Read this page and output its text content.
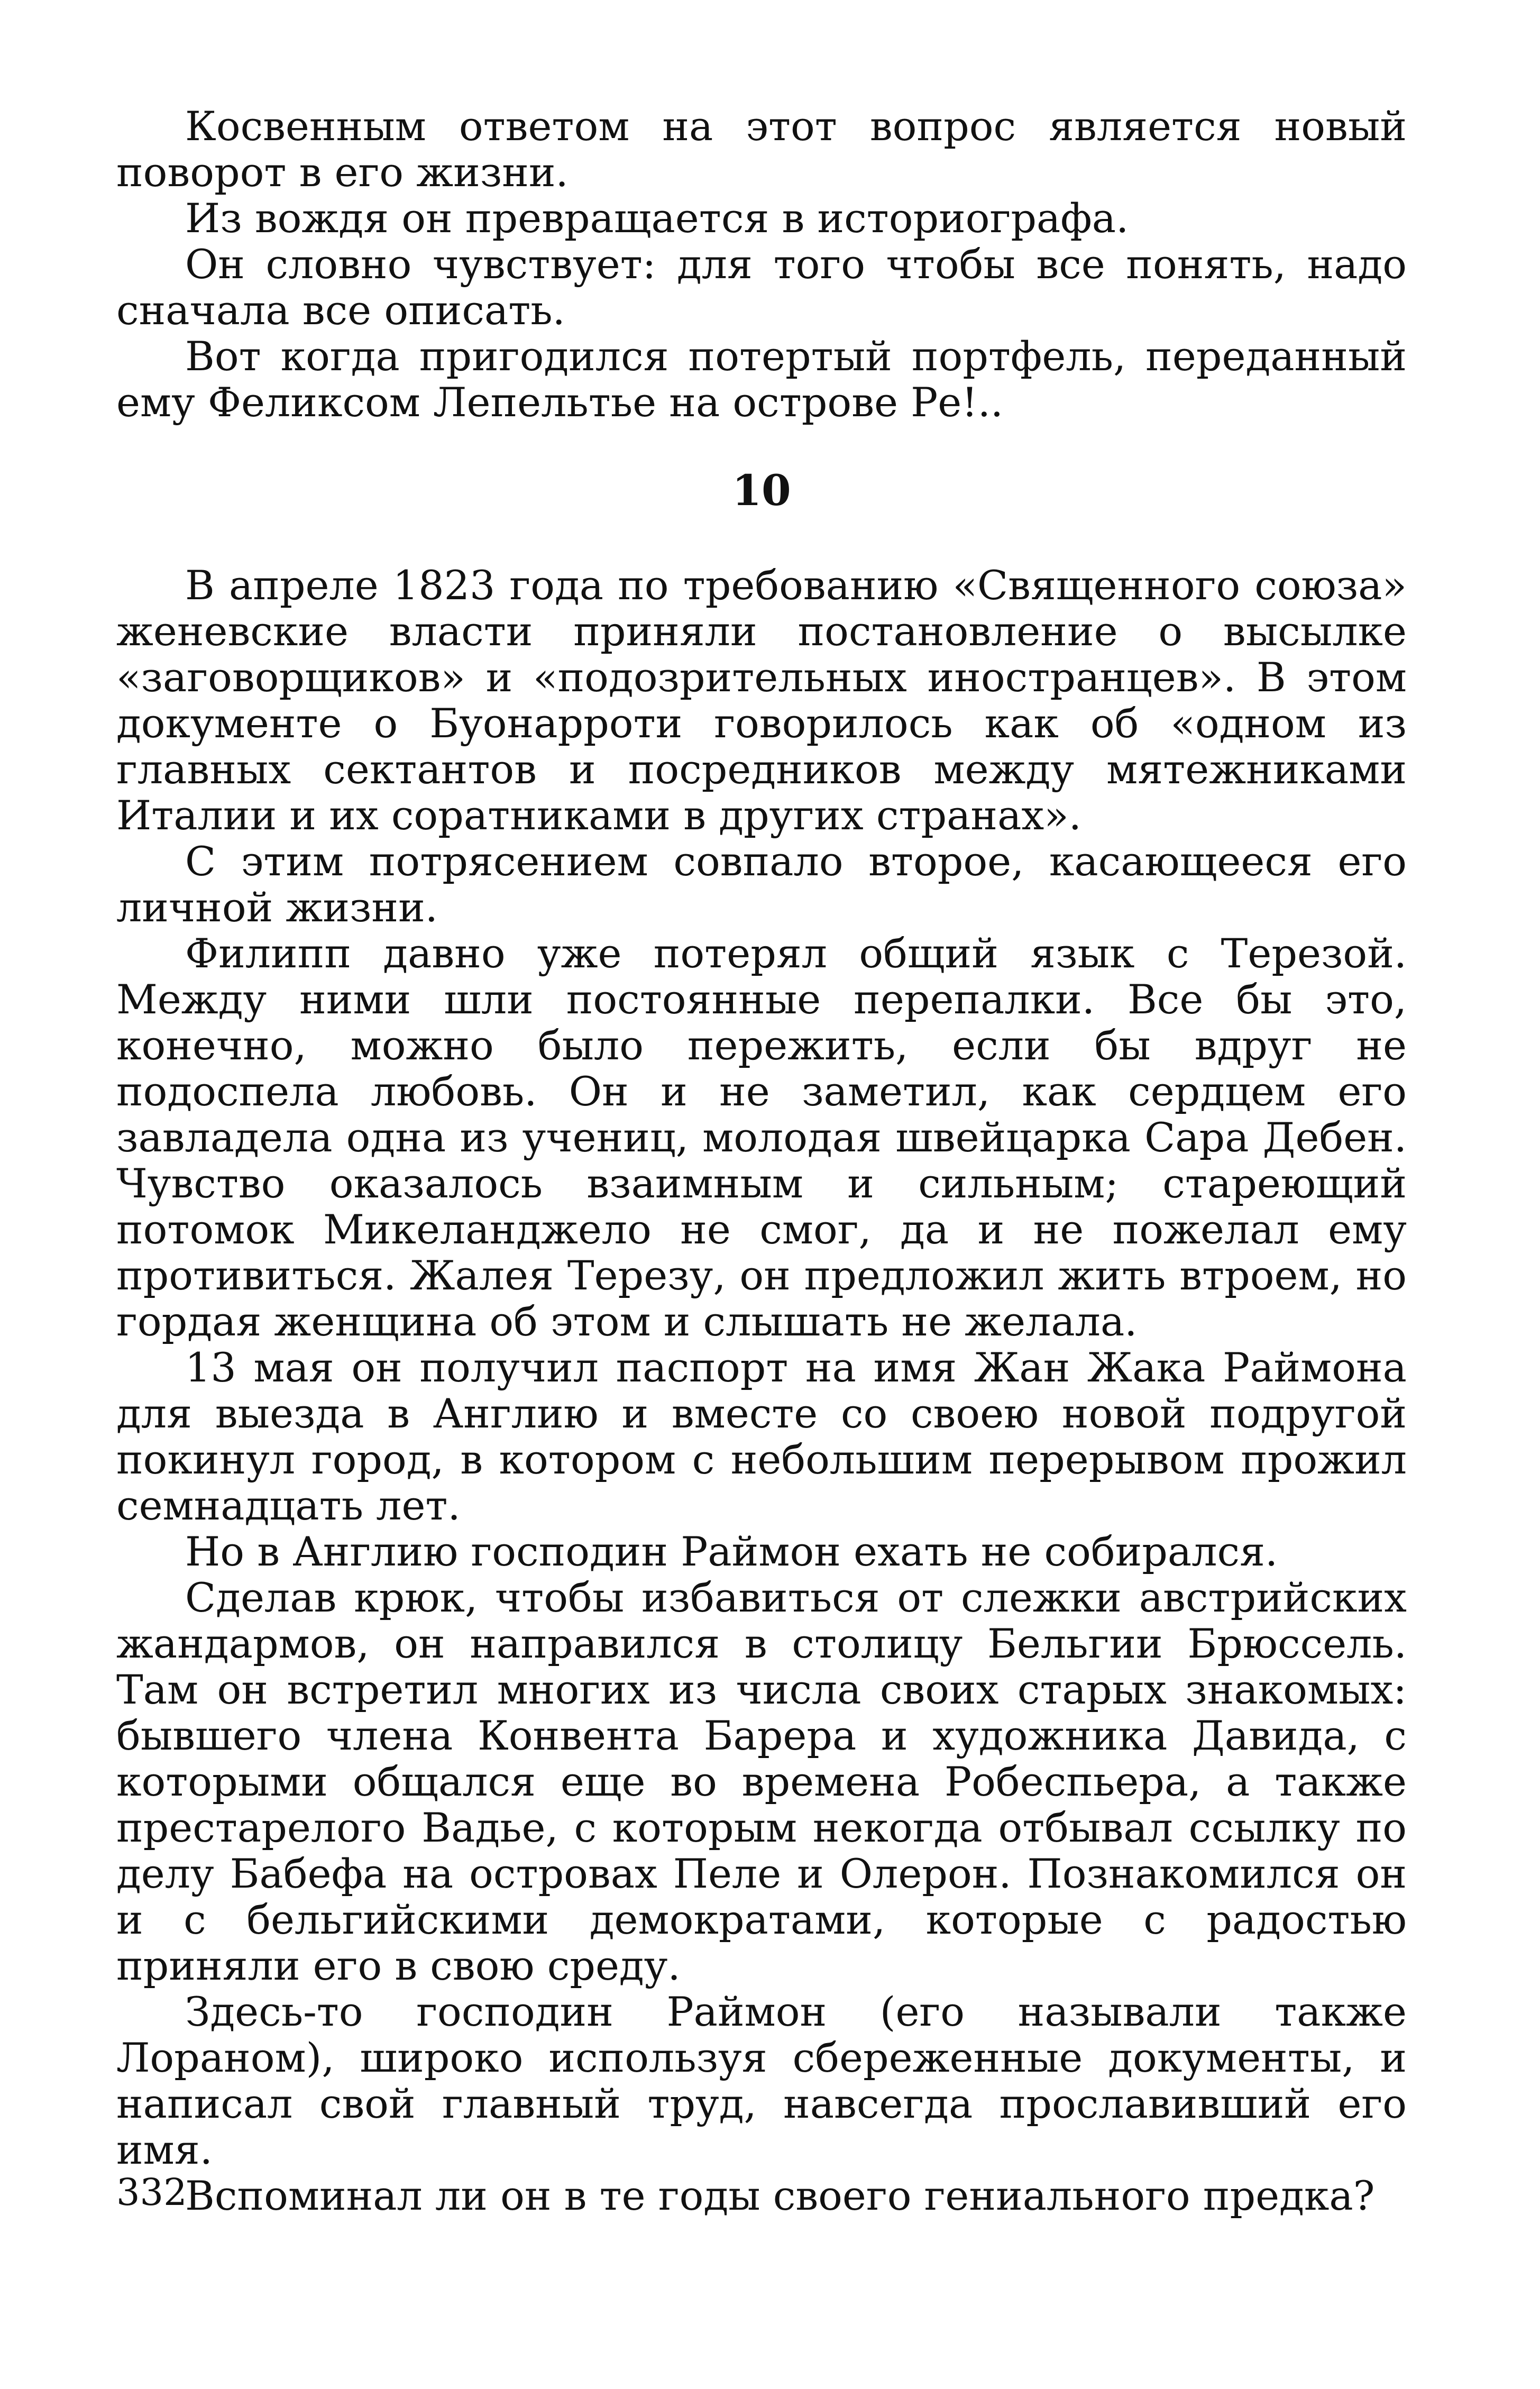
Косвенным ответом на этот вопрос является новый поворот в его жизни.

Из вождя он превращается в историографа.

Он словно чувствует: для того чтобы все понять, надо сначала все описать.

Вот когда пригодился потертый портфель, переданный ему Феликсом Лепельтье на острове Ре!..

10

В апреле 1823 года по требованию «Священного союза» женевские власти приняли постановление о высылке «заговорщиков» и «подозрительных иностранцев». В этом документе о Буонарроти говорилось как об «одном из главных сектантов и посредников между мятежниками Италии и их соратниками в других странах».

С этим потрясением совпало второе, касающееся его личной жизни.

Филипп давно уже потерял общий язык с Терезой. Между ними шли постоянные перепалки. Все бы это, конечно, можно было пережить, если бы вдруг не подоспела любовь. Он и не заметил, как сердцем его завладела одна из учениц, молодая швейцарка Сара Дебен. Чувство оказалось взаимным и сильным; стареющий потомок Микеланджело не смог, да и не пожелал ему противиться. Жалея Терезу, он предложил жить втроем, но гордая женщина об этом и слышать не желала.

13 мая он получил паспорт на имя Жан Жака Раймона для выезда в Англию и вместе со своею новой подругой покинул город, в котором с небольшим перерывом прожил семнадцать лет.

Но в Англию господин Раймон ехать не собирался.

Сделав крюк, чтобы избавиться от слежки австрийских жандармов, он направился в столицу Бельгии Брюссель. Там он встретил многих из числа своих старых знакомых: бывшего члена Конвента Барера и художника Давида, с которыми общался еще во времена Робеспьера, а также престарелого Вадье, с которым некогда отбывал ссылку по делу Бабефа на островах Пеле и Олерон. Познакомился он и с бельгийскими демократами, которые с радостью приняли его в свою среду.

Здесь-то господин Раймон (его называли также Лораном), широко используя сбереженные документы, и написал свой главный труд, навсегда прославивший его имя.

Вспоминал ли он в те годы своего гениального предка?

332
